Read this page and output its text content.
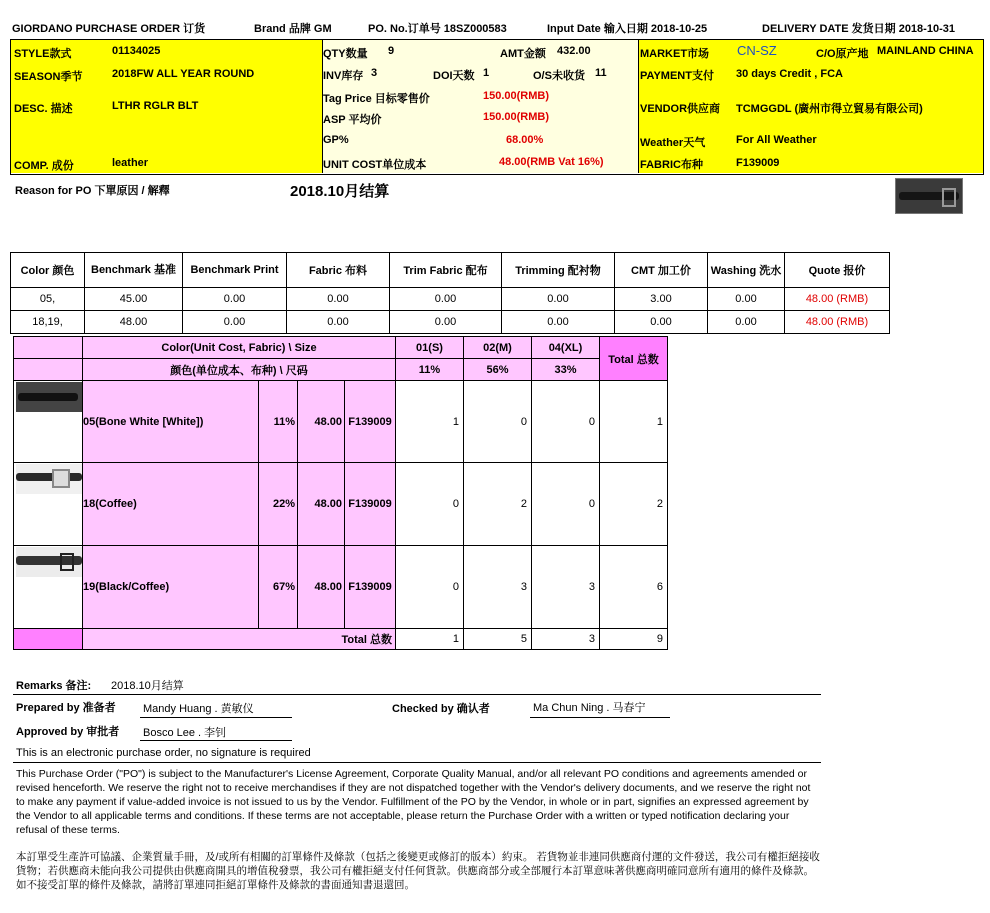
GIORDANO PURCHASE ORDER 订货	Brand 品牌 GM	PO. No.订单号 18SZ000583	Input Date 输入日期 2018-10-25	DELIVERY DATE 发货日期 2018-10-31
STYLE款式	01134025	QTY数量 9	AMT金额 432.00	MARKET市场 CN-SZ	C/O原产地 MAINLAND CHINA
SEASON季节	2018FW ALL YEAR ROUND	INV库存 3	DOI天数 1	O/S未收货 11	PAYMENT支付 30 days Credit , FCA
DESC. 描述	LTHR RGLR BLT
Tag Price 目标零售价	150.00(RMB)
ASP 平均价	150.00(RMB)
VENDOR供应商 TCMGGDL (廣州市得立貿易有限公司)
GP%	68.00%	Weather天气	For All Weather
COMP. 成份	leather	UNIT COST单位成本	48.00(RMB Vat 16%)	FABRIC布种	F139009
Reason for PO 下單原因 / 解釋	2018.10月结算
Color 颜色	Benchmark 基准	Benchmark Print	Fabric 布料	Trim Fabric 配布	Trimming 配衬物	CMT 加工价	Washing 洗水	Quote 报价
05,	45.00	0.00	0.00	0.00	0.00	3.00	0.00	48.00 (RMB)
18,19,	48.00	0.00	0.00	0.00	0.00	0.00	0.00	48.00 (RMB)
	Color(Unit Cost, Fabric) \ Size				01(S)	02(M)	04(XL)	Total 总数
	颜色(单位成本、布种) \ 尺码				11%	56%	33%	

	05(Bone White [White])	11%	48.00	F139009	1	0	0	1

	18(Coffee)	22%	48.00	F139009	0	2	0	2

	19(Black/Coffee)	67%	48.00	F139009	0	3	3	6
	Total 总数				1	5	3	9
Remarks 备注: 2018.10月结算
Prepared by 准备者 Mandy Huang . 黄敏仪	Checked by 确认者	Ma Chun Ning . 马春宁
Approved by 审批者 Bosco Lee . 李钊
This is an electronic purchase order, no signature is required

This Purchase Order ("PO") is subject to the Manufacturer's License Agreement, Corporate Quality Manual, and/or all relevant PO conditions and agreements amended or revised henceforth. We reserve the right not to receive merchandises if they are not dispatched together with the Vendor's delivery documents, and we reserve the right not to make any payment if value-added invoice is not issued to us by the Vendor. Fulfillment of the PO by the Vendor, in whole or in part, signifies an expressed agreement by the Vendor to all applicable terms and conditions. If these terms are not acceptable, please return the Purchase Order with a written or typed notification declaring your refusal of these terms.

本訂單受生產許可協議、企業質量手冊，及/或所有相關的訂單條件及條款（包括之後變更或修訂的版本）約束。 若貨物並非連同供應商付運的文件發送，我公司有權拒絕接收貨物；若供應商未能向我公司提供由供應商開具的增值稅發票，我公司有權拒絕支付任何貨款。供應商部分或全部履行本訂單意味著供應商明確同意所有適用的條件及條款。如不接受訂單的條件及條款，請將訂單連同拒絕訂單條件及條款的書面通知書退還回。
